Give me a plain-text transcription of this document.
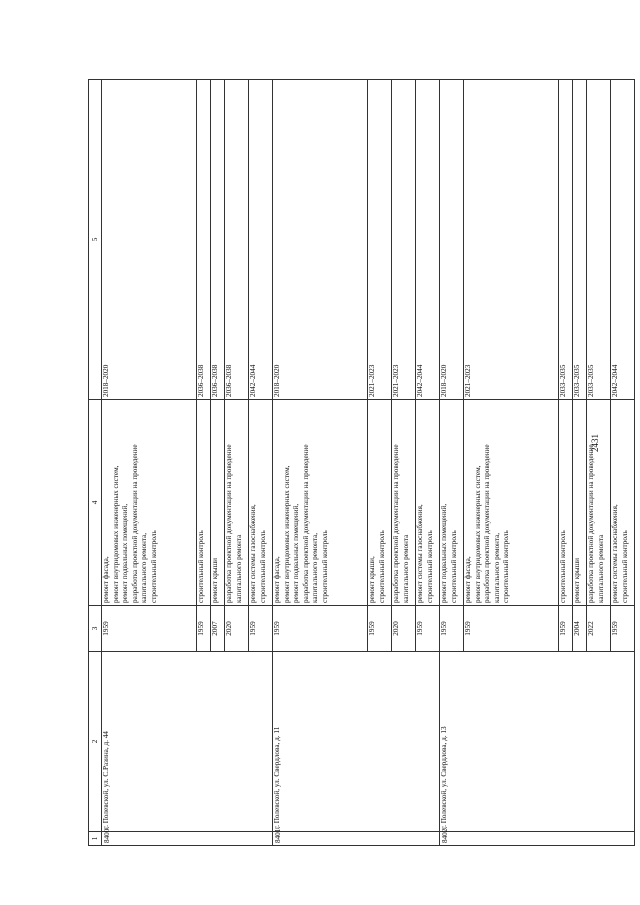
2431
1	2	3	4	5
8400.	г. Полевской, ул. С.Разина, д. 44	1959	ремонт фасада,
ремонт внутридомовых инженерных систем,
ремонт подвальных помещений,
разработка проектной документации на проведение капитального ремонта,
строительный контроль	2018–2020
		1959	строительный контроль	2036–2038
		2007	ремонт крыши	2036–2038
		2020	разработка проектной документации на проведение капитального ремонта	2036–2038
		1959	ремонт системы газоснабжения,
строительный контроль	2042–2044
8401.	г. Полевской, ул. Свердлова, д. 11	1959	ремонт фасада,
ремонт внутридомовых инженерных систем,
ремонт подвальных помещений,
разработка проектной документации на проведение капитального ремонта,
строительный контроль	2018–2020
		1959	ремонт крыши,
строительный контроль	2021–2023
		2020	разработка проектной документации на проведение капитального ремонта	2021–2023
		1959	ремонт системы газоснабжения,
строительный контроль	2042–2044
8402.	г. Полевской, ул. Свердлова, д. 13	1959	ремонт подвальных помещений,
строительный контроль	2018–2020
		1959	ремонт фасада,
ремонт внутридомовых инженерных систем,
разработка проектной документации на проведение капитального ремонта,
строительный контроль	2021–2023
		1959	строительный контроль	2033–2035
		2004	ремонт крыши	2033–2035
		2022	разработка проектной документации на проведение капитального ремонта	2033–2035
		1959	ремонт системы газоснабжения,
строительный контроль	2042–2044
